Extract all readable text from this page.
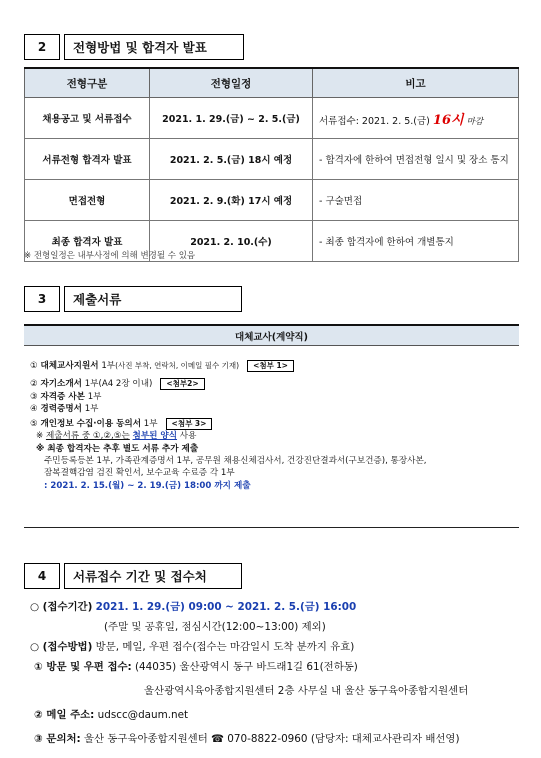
2	전형방법 및 합격자 발표
전형구분	전형일정	비고
채용공고 및 서류접수	2021. 1. 29.(금) ~ 2. 5.(금)	서류접수: 2021. 2. 5.(금) 16시 마감
서류전형 합격자 발표	2021. 2. 5.(금) 18시 예정	- 합격자에 한하여 면접전형 일시 및 장소 통지
면접전형	2021. 2. 9.(화) 17시 예정	- 구술면접
최종 합격자 발표	2021. 2. 10.(수)	- 최종 합격자에 한하여 개별통지
※ 전형일정은 내부사정에 의해 변경될 수 있음
3	제출서류
대체교사(계약직)
①
대체교사지원서
1부 (사진 부착, 연락처, 이메일 필수 기재)	<첨부 1>
②
자기소개서
1부(A4 2장 이내)	<첨부2>
③
자격증 사본
1부
④
경력증명서
1부
⑤
개인정보 수집·이용 동의서
1부	<첨부 3>
※
제출서류 중 ①,②,⑤는
첨부된 양식
사용
※ 최종 합격자는 추후 별도 서류 추가 제출
주민등록등본 1부, 가족관계증명서 1부, 공무원 채용신체검사서, 건강진단결과서(구보건증), 통장사본,
잠복결핵감염 검진 확인서, 보수교육 수료증 각 1부
: 2021. 2. 15.(월) ~ 2. 19.(금) 18:00 까지 제출
4	서류접수 기간 및 접수처
○ (접수기간) 2021. 1. 29.(금) 09:00 ~ 2021. 2. 5.(금) 16:00
(주말 및 공휴일, 점심시간(12:00~13:00) 제외)
○ (접수방법) 방문, 메일, 우편 접수(접수는 마감일시 도착 분까지 유효)
① 방문 및 우편 접수: (44035) 울산광역시 동구 바드래1길 61(전하동)
울산광역시육아종합지원센터 2층 사무실 내 울산 동구육아종합지원센터
② 메일 주소: udscc@daum.net
③ 문의처: 울산 동구육아종합지원센터 ☎ 070-8822-0960 (담당자: 대체교사관리자 배선영)
